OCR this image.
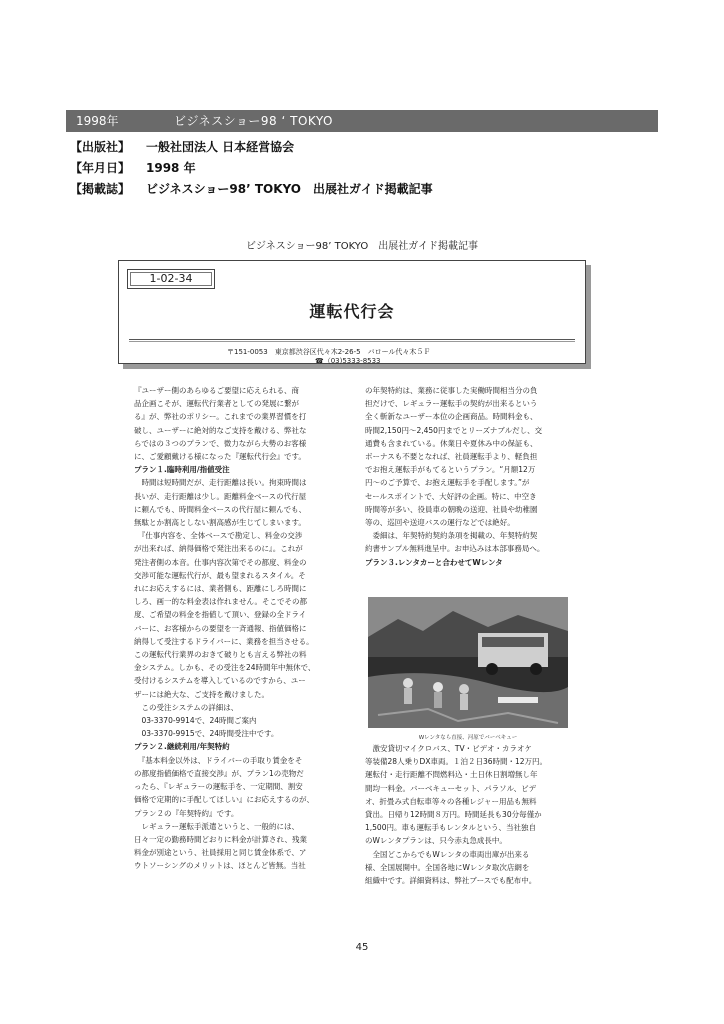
1998年	ビジネスショー98 ‘ TOKYO
【出版社】 一般社団法人 日本経営協会
【年月日】 1998 年
【掲載誌】 ビジネスショー98’ TOKYO　出展社ガイド掲載記事
ビジネスショー98’ TOKYO　出展社ガイド掲載記事
1-02-34
運転代行会
〒151-0053　東京都渋谷区代々木2-26-5　バロール代々木５Ｆ
☎（03)5333-8533

『ユーザー側のあらゆるご要望に応えられる、商

品企画こそが、運転代行業者としての発展に繋が

る』が、弊社のポリシー。これまでの業界習慣を打

破し、ユーザーに絶対的なご支持を戴ける、弊社な

らではの３つのプランで、微力ながら大勢のお客様

に、ご愛顧戴ける様になった『運転代行会』です。

プラン１.臨時利用/指値受注

　時間は短時間だが、走行距離は長い。拘束時間は

長いが、走行距離は少し。距離料金ベースの代行屋

に頼んでも、時間料金ベースの代行屋に頼んでも、

無駄とか割高としない割高感が生じてしまいます。

　『仕事内容を、全体ベースで勘定し、料金の交渉

が出来れば、納得価格で発注出来るのに』。これが

発注者側の本音。仕事内容次第でその都度、料金の

交渉可能な運転代行が、最も望まれるスタイル。そ

れにお応えするには、業者側も、距離にしろ時間に

しろ、画一的な料金表は作れません。そこでその都

度、ご希望の料金を指値して頂い、登録の全ドライ

バーに、お客様からの要望を一斉通報、指値価格に

納得して受注するドライバーに、業務を担当させる。

この運転代行業界のおきて破りとも言える弊社の料

金システム。しかも、その受注を24時間年中無休で、

受付けるシステムを導入しているのですから、ユー

ザーには絶大な、ご支持を戴けました。

　この受注システムの詳細は、

　03-3370-9914で、24時間ご案内

　03-3370-9915で、24時間受注中です。

プラン２.継続利用/年契特約

　『基本料金以外は、ドライバーの手取り賃金をそ

の都度指値価格で直接交渉』が、プラン1の売物だ

ったら、『レギュラーの運転手を、一定期間、割安

価格で定期的に手配してほしい』にお応えするのが、

プラン２の『年契特約』です。

　レギュラー運転手派遣というと、一般的には、

日々一定の勤務時間どおりに料金が計算され、残業

料金が別途という、社員採用と同じ賃金体系で、ア

ウトソーシングのメリットは、ほとんど皆無。当社

の年契特約は、業務に従事した実働時間相当分の負

担だけで、レギュラー運転手の契約が出来るという

全く斬新なユーザー本位の企画商品。時間料金も、

時間2,150円～2,450円までとリーズナブルだし、交

通費も含まれている。休業日や夏休み中の保証も、

ボーナスも不要となれば、社員運転手より、軽負担

でお抱え運転手がもてるというプラン。“月額12万

円〜のご予算で、お抱え運転手を手配します。”が

セールスポイントで、大好評の企画。特に、中空き

時間等が多い、役員車の朝晩の送迎、社員や幼稚園

等の、巡回や送迎バスの運行などでは絶好。

　委細は、年契特約契約条項を掲載の、年契特約契

約書サンプル無料進呈中。お申込みは本部事務局へ。

プラン３.レンタカーと合わせてWレンタ

Wレンタなら直接、河原でバーベキュー

　激安貸切マイクロバス、TV・ビデオ・カラオケ

等装備28人乗りDX車両。１泊２日36時間・12万円。

運転付・走行距離不問燃料込・土日休日割増無し年

間均一料金。バーベキューセット、パラソル、ビデ

オ、折畳み式自転車等々の各種レジャー用品も無料

貸出。日帰り12時間８万円。時間延長も30分毎僅か

1,500円。車も運転手もレンタルという、当社独自

のWレンタプランは、只今赤丸急成長中。

　全国どこからでもWレンタの車両出庫が出来る

様、全国展開中。全国各地にWレンタ取次店網を

組織中です。詳細資料は、弊社ブースでも配布中。

45
